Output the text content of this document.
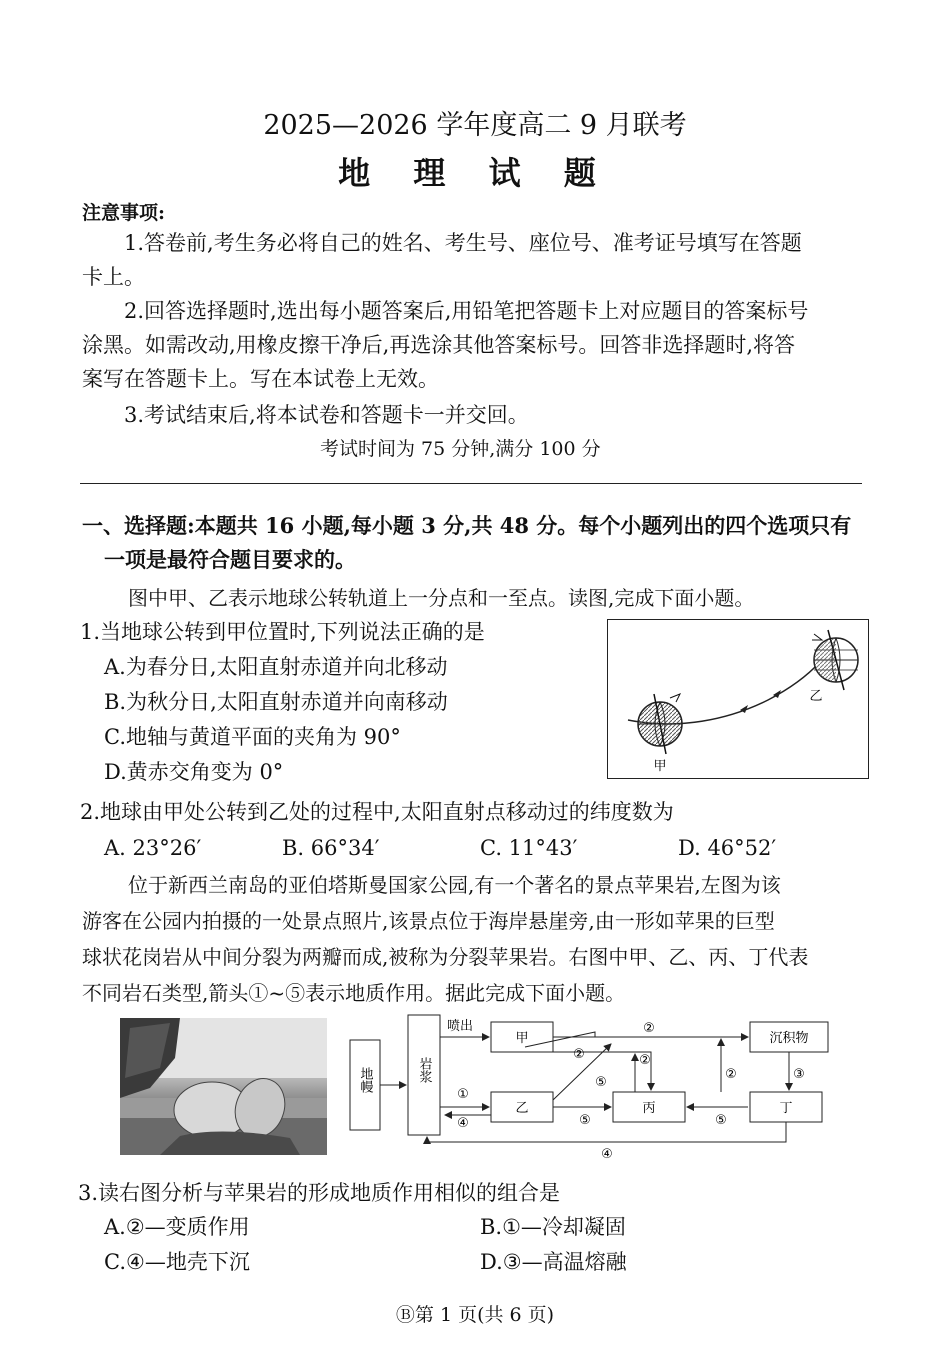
2025—2026 学年度高二 9 月联考
地 理 试 题
注意事项:
1.答卷前,考生务必将自己的姓名、考生号、座位号、准考证号填写在答题
卡上。
2.回答选择题时,选出每小题答案后,用铅笔把答题卡上对应题目的答案标号
涂黑。如需改动,用橡皮擦干净后,再选涂其他答案标号。回答非选择题时,将答
案写在答题卡上。写在本试卷上无效。
3.考试结束后,将本试卷和答题卡一并交回。
考试时间为 75 分钟,满分 100 分
一、选择题:本题共 16 小题,每小题 3 分,共 48 分。每个小题列出的四个选项只有
一项是最符合题目要求的。
图中甲、乙表示地球公转轨道上一分点和一至点。读图,完成下面小题。
1.当地球公转到甲位置时,下列说法正确的是
A.为春分日,太阳直射赤道并向北移动
B.为秋分日,太阳直射赤道并向南移动
C.地轴与黄道平面的夹角为 90°
D.黄赤交角变为 0°	甲
乙
2.地球由甲处公转到乙处的过程中,太阳直射点移动过的纬度数为
A. 23°26′	B. 66°34′	C. 11°43′	D. 46°52′
位于新西兰南岛的亚伯塔斯曼国家公园,有一个著名的景点苹果岩,左图为该
游客在公园内拍摄的一处景点照片,该景点位于海岸悬崖旁,由一形如苹果的巨型
球状花岗岩从中间分裂为两瓣而成,被称为分裂苹果岩。右图中甲、乙、丙、丁代表
不同岩石类型,箭头①~⑤表示地质作用。据此完成下面小题。
地幔	岩浆
甲
乙	丙	丁
沉积物
喷出
①
④
②
②	②
②	③
⑤
⑤	⑤
④
3.读右图分析与苹果岩的形成地质作用相似的组合是
A.②—变质作用	B.①—冷却凝固
C.④—地壳下沉	D.③—高温熔融
Ⓑ第 1 页(共 6 页)
